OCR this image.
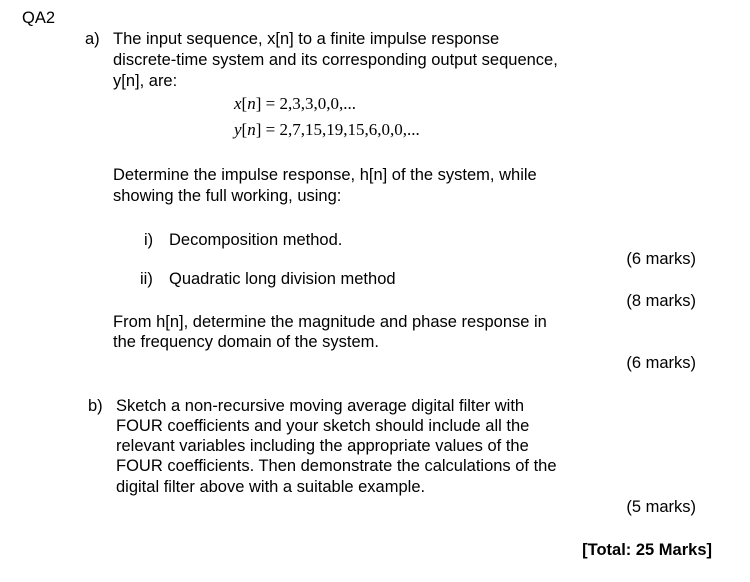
QA2
a) The input sequence, x[n] to a finite impulse response
discrete-time system and its corresponding output sequence,
y[n], are:
x[n] = 2,3,3,0,0,...
y[n] = 2,7,15,19,15,6,0,0,...
Determine the impulse response, h[n] of the system, while
showing the full working, using:
i) Decomposition method.
(6 marks)
ii) Quadratic long division method
(8 marks)
From h[n], determine the magnitude and phase response in
the frequency domain of the system.
(6 marks)
b) Sketch a non-recursive moving average digital filter with
FOUR coefficients and your sketch should include all the
relevant variables including the appropriate values of the
FOUR coefficients. Then demonstrate the calculations of the
digital filter above with a suitable example.
(5 marks)
[Total: 25 Marks]
